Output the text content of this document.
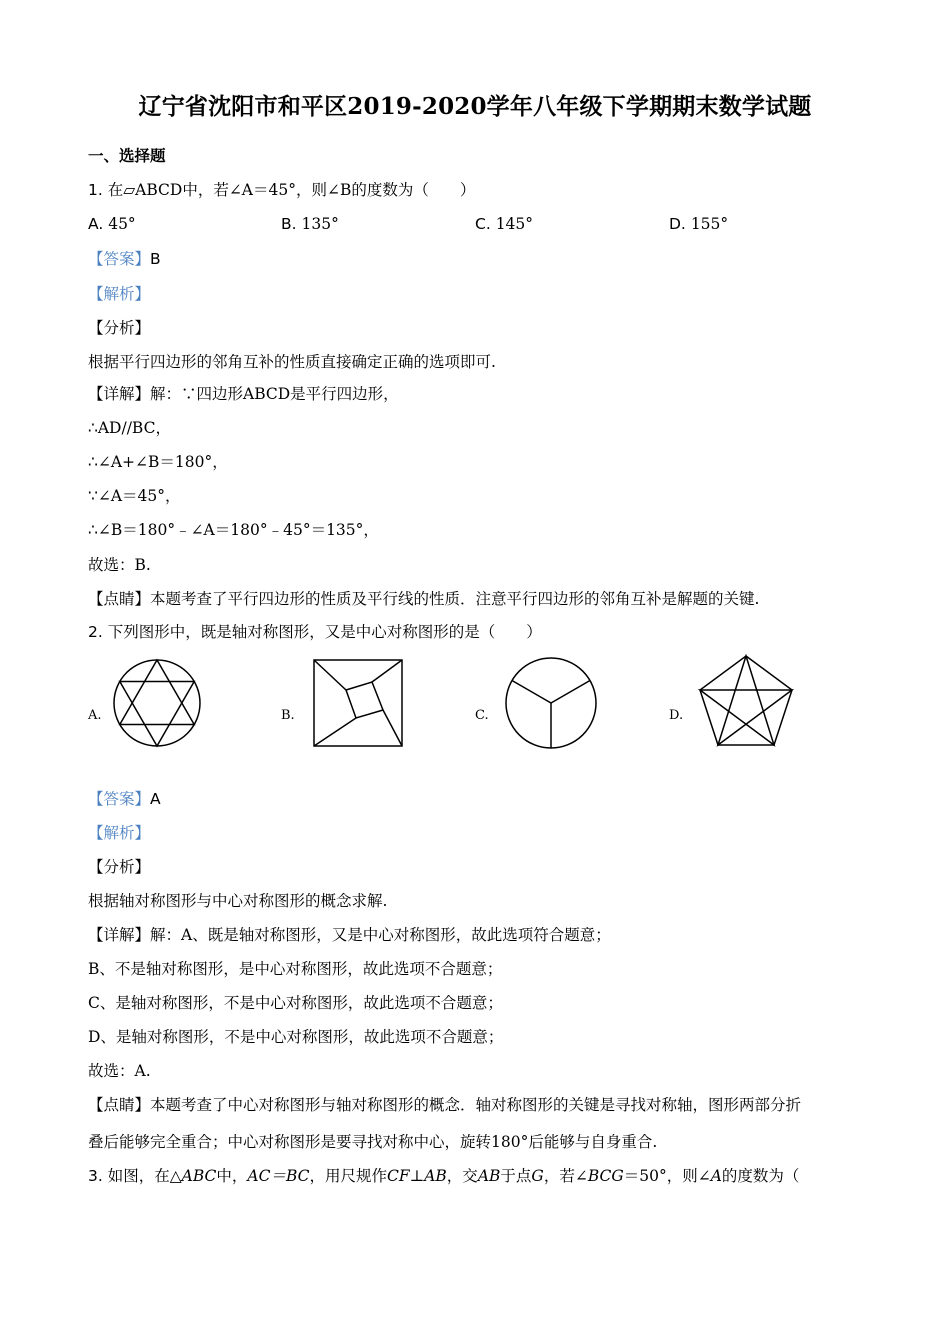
辽宁省沈阳市和平区2019-2020学年八年级下学期期末数学试题
一、选择题
1. 在▱ABCD中，若∠A＝45°，则∠B的度数为（　　）
A. 45°	B. 135°	C. 145°	D. 155°
【答案】B
【解析】
【分析】
根据平行四边形的邻角互补的性质直接确定正确的选项即可.
【详解】解：∵四边形ABCD是平行四边形，
∴AD//BC，
∴∠A+∠B＝180°，
∵∠A＝45°，
∴∠B＝180°﹣∠A＝180°﹣45°＝135°，
故选：B.
【点睛】本题考查了平行四边形的性质及平行线的性质．注意平行四边形的邻角互补是解题的关键.
2. 下列图形中，既是轴对称图形，又是中心对称图形的是（　　）
A.	B.	C.	D.
【答案】A
【解析】
【分析】
根据轴对称图形与中心对称图形的概念求解.
【详解】解：A、既是轴对称图形，又是中心对称图形，故此选项符合题意；
B、不是轴对称图形，是中心对称图形，故此选项不合题意；
C、是轴对称图形，不是中心对称图形，故此选项不合题意；
D、是轴对称图形，不是中心对称图形，故此选项不合题意；
故选：A.
【点睛】本题考查了中心对称图形与轴对称图形的概念．轴对称图形的关键是寻找对称轴，图形两部分折
叠后能够完全重合；中心对称图形是要寻找对称中心，旋转180°后能够与自身重合.
3. 如图，在△ABC中，AC＝BC，用尺规作CF⊥AB，交AB于点G，若∠BCG＝50°，则∠A的度数为（
